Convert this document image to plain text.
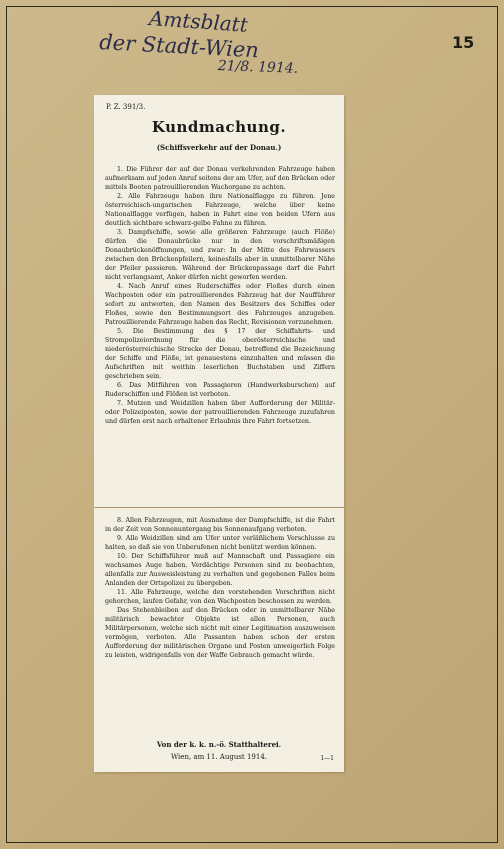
Amtsblatt
der Stadt-Wien
21/8. 1914.
15
P. Z. 391/3.
Kundmachung.
(Schiffsverkehr auf der Donau.)

1. Die Führer der auf der Donau verkehrenden Fahrzeuge haben aufmerksam auf jeden Anruf seitens der am Ufer, auf den Brücken oder mittels Booten patrouillierenden Wachorgane zu achten.

2. Alle Fahrzeuge haben ihre Nationalflagge zu führen. Jene österreichisch-ungarischen Fahrzeuge, welche über keine Nationalflagge verfügen, haben in Fahrt eine von beiden Ufern aus deutlich sichtbare schwarz-gelbe Fahne zu führen.

3. Dampfschiffe, sowie alle größeren Fahrzeuge (auch Flöße) dürfen die Donaubrücke nur in den vorschriftsmäßigen Donaubrückenöffnungen, und zwar: In der Mitte des Fahrwassers zwischen den Brückenpfeilern, keinesfalls aber in unmittelbarer Nähe der Pfeiler passieren. Während der Brückenpassage darf die Fahrt nicht verlangsamt, Anker dürfen nicht geworfen werden.

4. Nach Anruf eines Ruderschiffes oder Floßes durch einen Wachposten oder ein patrouillierendes Fahrzeug hat der Naufführer sofort zu antworten, den Namen des Besitzers des Schiffes oder Floßes, sowie den Bestimmungsort des Fahrzeuges anzugeben. Patrouillierende Fahrzeuge haben das Recht, Revisionen vorzunehmen.

5. Die Bestimmung des § 17 der Schiffahrts- und Strompolizeiordnung für die oberösterreichische und niederösterreichische Strecke der Donau, betreffend die Bezeichnung der Schiffe und Flöße, ist genauestens einzuhalten und müssen die Aufschriften mit weithin leserlichen Buchstaben und Ziffern geschrieben sein.

6. Das Mitführen von Passagieren (Handwerksburschen) auf Ruderschiffen und Flößen ist verboten.

7. Mutzen und Weidzillen haben über Aufforderung der Militär- oder Polizeiposten, sowie der patrouillierenden Fahrzeuge zuzufahren und dürfen erst nach erhaltener Erlaubnis ihre Fahrt fortsetzen.

8. Allen Fahrzeugen, mit Ausnahme der Dampfschiffe, ist die Fahrt in der Zeit von Sonnenuntergang bis Sonnenaufgang verboten.

9. Alle Weidzillen sind am Ufer unter verläßlichem Verschlusse zu halten, so daß sie von Unberufenen nicht benützt werden können.

10. Der Schiffsführer muß auf Mannschaft und Passagiere ein wachsames Auge haben. Verdächtige Personen sind zu beobachten, allenfalls zur Ausweisleistung zu verhalten und gegebenen Falles beim Anlanden der Ortspolizei zu übergeben.

11. Alle Fahrzeuge, welche den vorstehenden Vorschriften nicht gehorchen, laufen Gefahr, von den Wachposten beschossen zu werden.

Das Stehenbleiben auf den Brücken oder in unmittelbarer Nähe militärisch bewachter Objekte ist allen Personen, auch Militärpersonen, welche sich nicht mit einer Legitimation auszuweisen vermögen, verboten. Alle Passanten haben schon der ersten Aufforderung der militärischen Organe und Posten unweigerlich Folge zu leisten, widrigenfalls von der Waffe Gebrauch gemacht würde.

Von der k. k. n.-ö. Statthalterei.
Wien, am 11. August 1914.	1—1
